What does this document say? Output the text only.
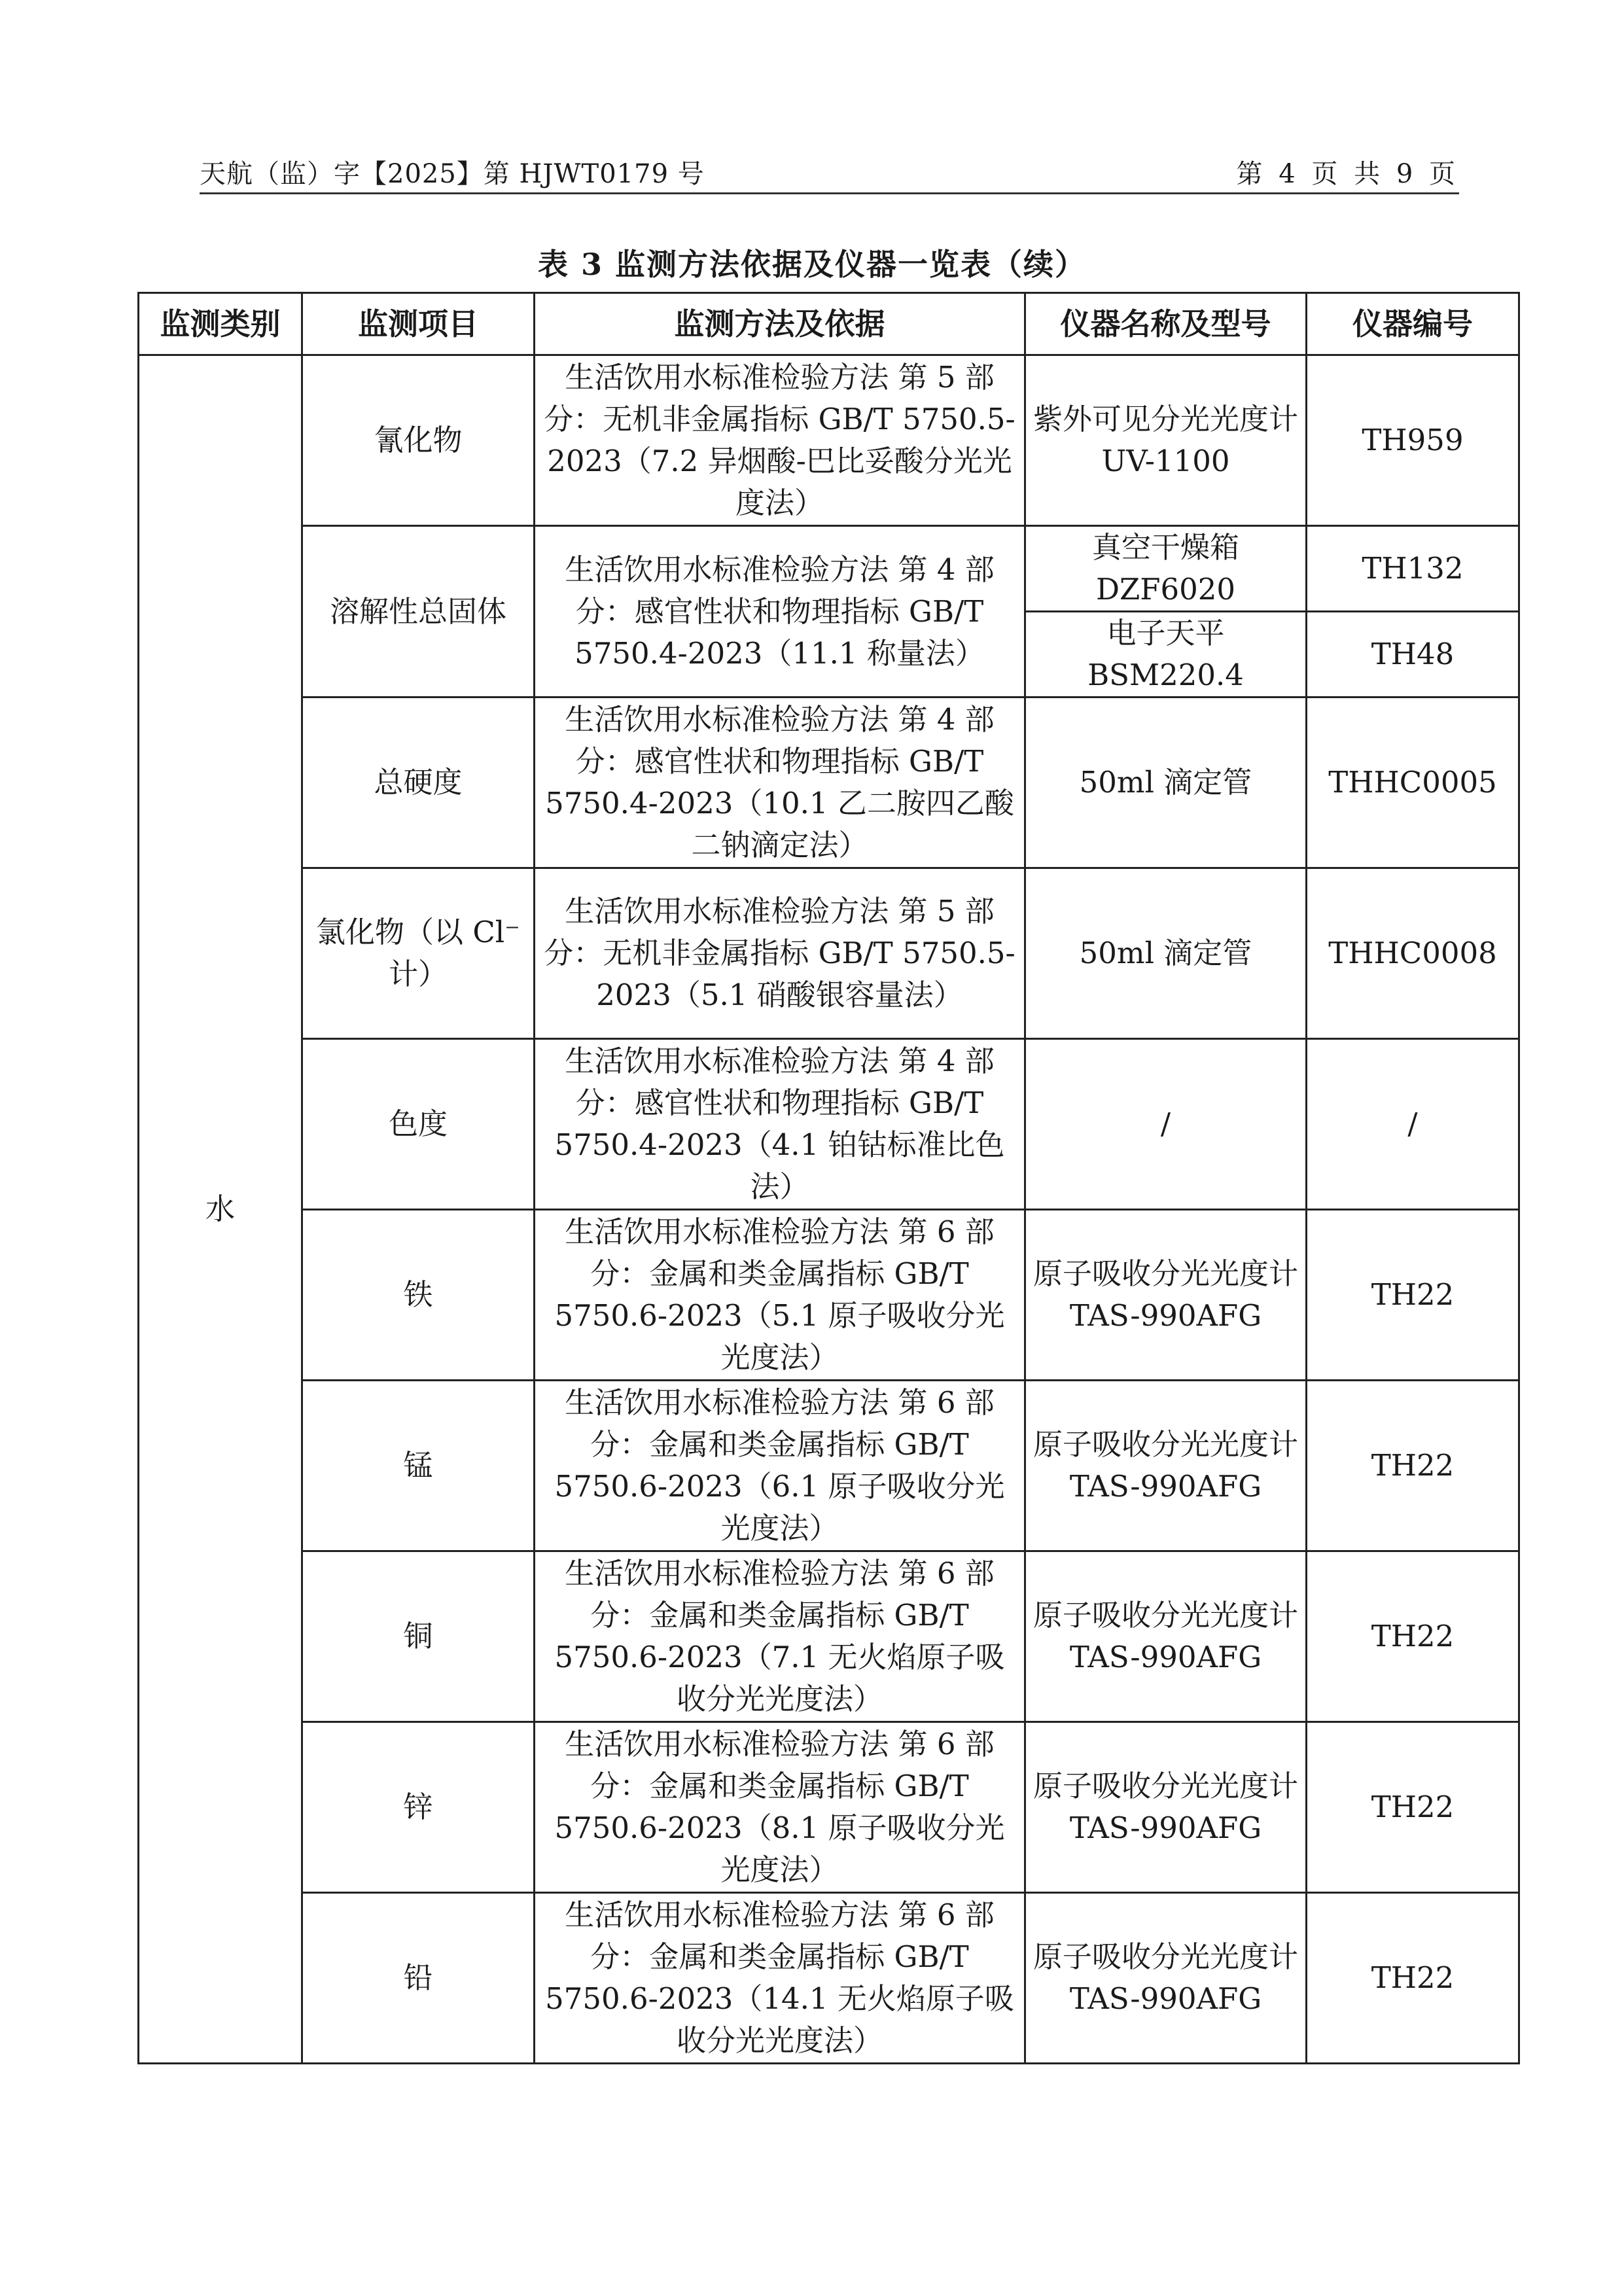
天航（监）字【2025】第 HJWT0179 号	第 4 页 共 9 页
表 3 监测方法依据及仪器一览表（续）
监测类别	监测项目	监测方法及依据	仪器名称及型号	仪器编号
水	氰化物	生活饮用水标准检验方法 第 5 部分：无机非金属指标 GB/T 5750.5-2023（7.2 异烟酸-巴比妥酸分光光度法）	紫外可见分光光度计 UV-1100	TH959
	溶解性总固体	生活饮用水标准检验方法 第 4 部分：感官性状和物理指标 GB/T 5750.4-2023（11.1 称量法）	真空干燥箱 DZF6020	TH132
			电子天平 BSM220.4	TH48
	总硬度	生活饮用水标准检验方法 第 4 部分：感官性状和物理指标 GB/T 5750.4-2023（10.1 乙二胺四乙酸二钠滴定法）	50ml 滴定管	THHC0005
	氯化物（以 Cl⁻计）	生活饮用水标准检验方法 第 5 部分：无机非金属指标 GB/T 5750.5-2023（5.1 硝酸银容量法）	50ml 滴定管	THHC0008
	色度	生活饮用水标准检验方法 第 4 部分：感官性状和物理指标 GB/T 5750.4-2023（4.1 铂钴标准比色法）	/	/
	铁	生活饮用水标准检验方法 第 6 部分：金属和类金属指标 GB/T 5750.6-2023（5.1 原子吸收分光光度法）	原子吸收分光光度计 TAS-990AFG	TH22
	锰	生活饮用水标准检验方法 第 6 部分：金属和类金属指标 GB/T 5750.6-2023（6.1 原子吸收分光光度法）	原子吸收分光光度计 TAS-990AFG	TH22
	铜	生活饮用水标准检验方法 第 6 部分：金属和类金属指标 GB/T 5750.6-2023（7.1 无火焰原子吸收分光光度法）	原子吸收分光光度计 TAS-990AFG	TH22
	锌	生活饮用水标准检验方法 第 6 部分：金属和类金属指标 GB/T 5750.6-2023（8.1 原子吸收分光光度法）	原子吸收分光光度计 TAS-990AFG	TH22
	铅	生活饮用水标准检验方法 第 6 部分：金属和类金属指标 GB/T 5750.6-2023（14.1 无火焰原子吸收分光光度法）	原子吸收分光光度计 TAS-990AFG	TH22
